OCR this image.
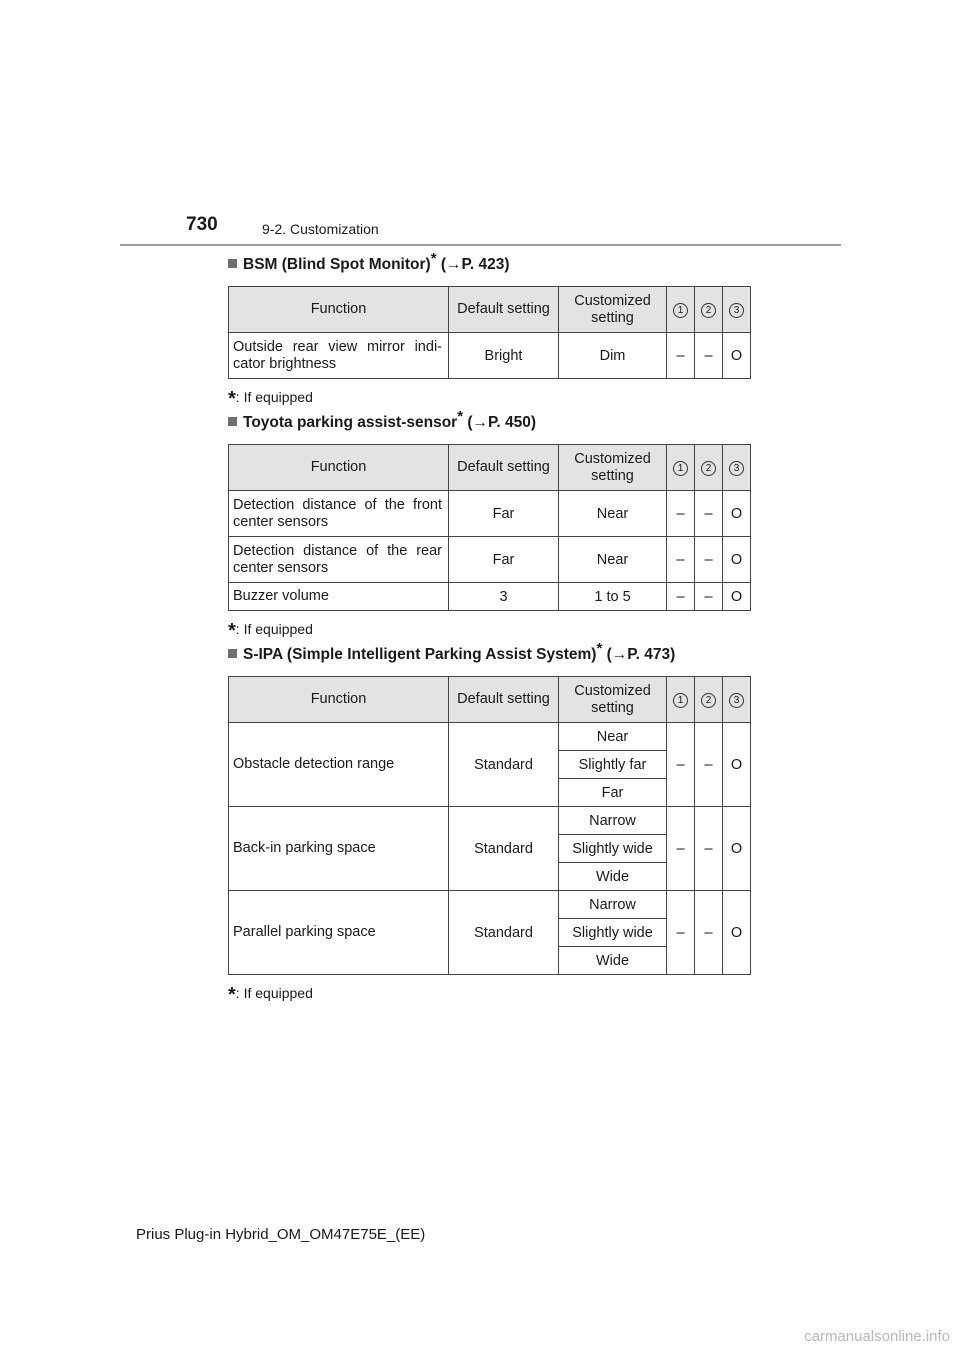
730	9-2. Customization
BSM (Blind Spot Monitor)* (→P. 423)
Function	Default setting	Customized setting	1	2	3
Outside rear view mirror indi-cator brightness	Bright	Dim	–	–	O
*: If equipped
Toyota parking assist-sensor* (→P. 450)
Function	Default setting	Customized setting	1	2	3
Detection distance of the front center sensors	Far	Near	–	–	O
Detection distance of the rear center sensors	Far	Near	–	–	O
Buzzer volume	3	1 to 5	–	–	O
*: If equipped
S-IPA (Simple Intelligent Parking Assist System)* (→P. 473)
Function	Default setting	Customized setting	1	2	3
Obstacle detection range	Standard	Near	–	–	O
		Slightly far			
		Far			
Back-in parking space	Standard	Narrow	–	–	O
		Slightly wide			
		Wide			
Parallel parking space	Standard	Narrow	–	–	O
		Slightly wide			
		Wide			
*: If equipped
Prius Plug-in Hybrid_OM_OM47E75E_(EE)
carmanualsonline.info
